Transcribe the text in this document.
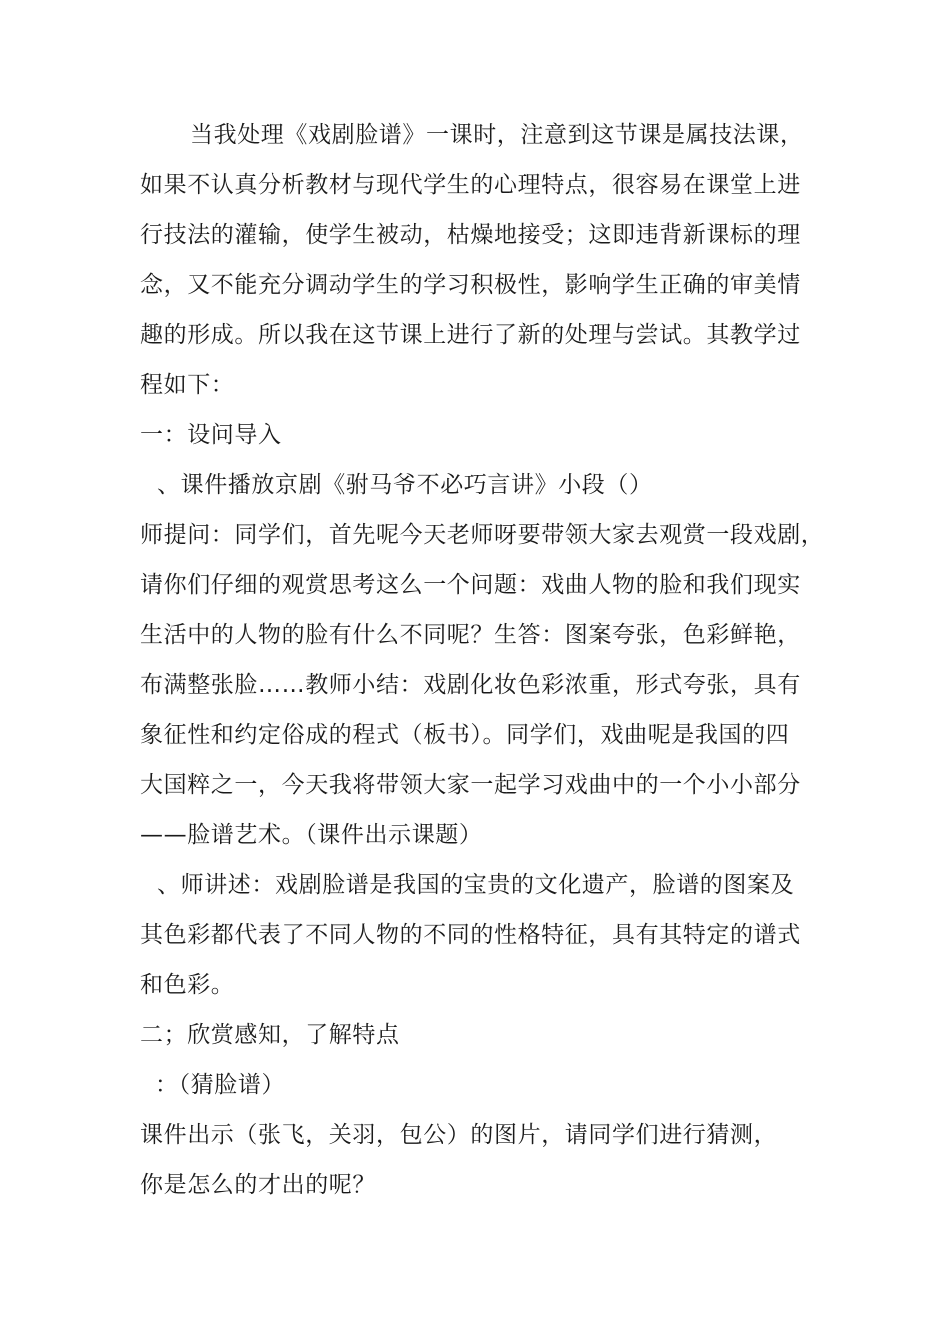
当我处理《戏剧脸谱》一课时，注意到这节课是属技法课，
如果不认真分析教材与现代学生的心理特点，很容易在课堂上进
行技法的灌输，使学生被动，枯燥地接受；这即违背新课标的理
念，又不能充分调动学生的学习积极性，影响学生正确的审美情
趣的形成。所以我在这节课上进行了新的处理与尝试。其教学过
程如下：
一：设问导入
、课件播放京剧《驸马爷不必巧言讲》小段（）
师提问：同学们，首先呢今天老师呀要带领大家去观赏一段戏剧，
请你们仔细的观赏思考这么一个问题：戏曲人物的脸和我们现实
生活中的人物的脸有什么不同呢？生答：图案夸张，色彩鲜艳，
布满整张脸……教师小结：戏剧化妆色彩浓重，形式夸张，具有
象征性和约定俗成的程式（板书）。同学们，戏曲呢是我国的四
大国粹之一，今天我将带领大家一起学习戏曲中的一个小小部分
——脸谱艺术。（课件出示课题）
、师讲述：戏剧脸谱是我国的宝贵的文化遗产，脸谱的图案及
其色彩都代表了不同人物的不同的性格特征，具有其特定的谱式
和色彩。
二；欣赏感知，了解特点
：（猜脸谱）
课件出示（张飞，关羽，包公）的图片，请同学们进行猜测，
你是怎么的才出的呢？
